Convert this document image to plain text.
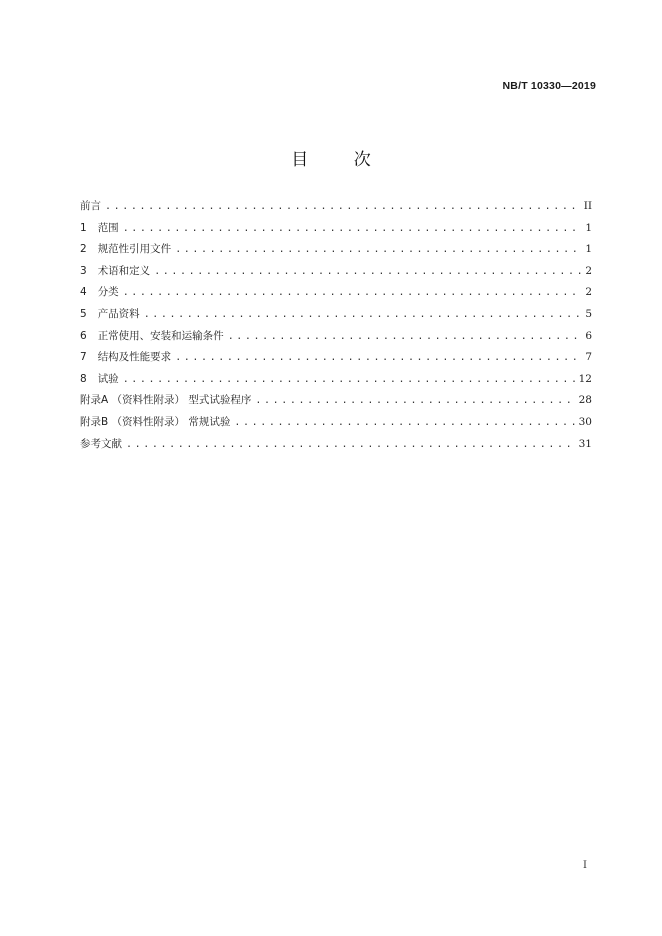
NB/T 10330—2019
目 次
前言 .....	II
1 范围 .....	1
2 规范性引用文件 .....	1
3 术语和定义 .....	2
4 分类 .....	2
5 产品资料 .....	5
6 正常使用、安装和运输条件 .....	6
7 结构及性能要求 .....	7
8 试验 .....	12
附录A （资料性附录） 型式试验程序 .....	28
附录B （资料性附录） 常规试验 .....	30
参考文献 .....	31
I
